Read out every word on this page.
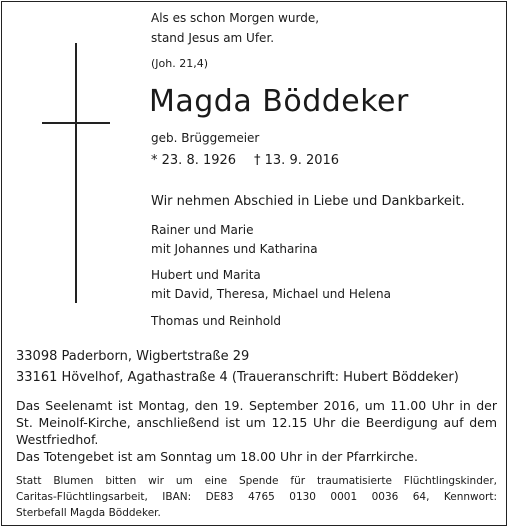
Als es schon Morgen wurde,
stand Jesus am Ufer.
(Joh. 21,4)
Magda Böddeker
geb. Brüggemeier
* 23. 8. 1926 † 13. 9. 2016
Wir nehmen Abschied in Liebe und Dankbarkeit.
Rainer und Marie
mit Johannes und Katharina
Hubert und Marita
mit David, Theresa, Michael und Helena
Thomas und Reinhold
33098 Paderborn, Wigbertstraße 29
33161 Hövelhof, Agathastraße 4 (Traueranschrift: Hubert Böddeker)
Das Seelenamt ist Montag, den 19. September 2016, um 11.00 Uhr in der
St. Meinolf-Kirche, anschließend ist um 12.15 Uhr die Beerdigung auf dem
Westfriedhof.
Das Totengebet ist am Sonntag um 18.00 Uhr in der Pfarrkirche.
Statt Blumen bitten wir um eine Spende für traumatisierte Flüchtlingskinder,
Caritas-Flüchtlingsarbeit, IBAN: DE83 4765 0130 0001 0036 64, Kennwort:
Sterbefall Magda Böddeker.
